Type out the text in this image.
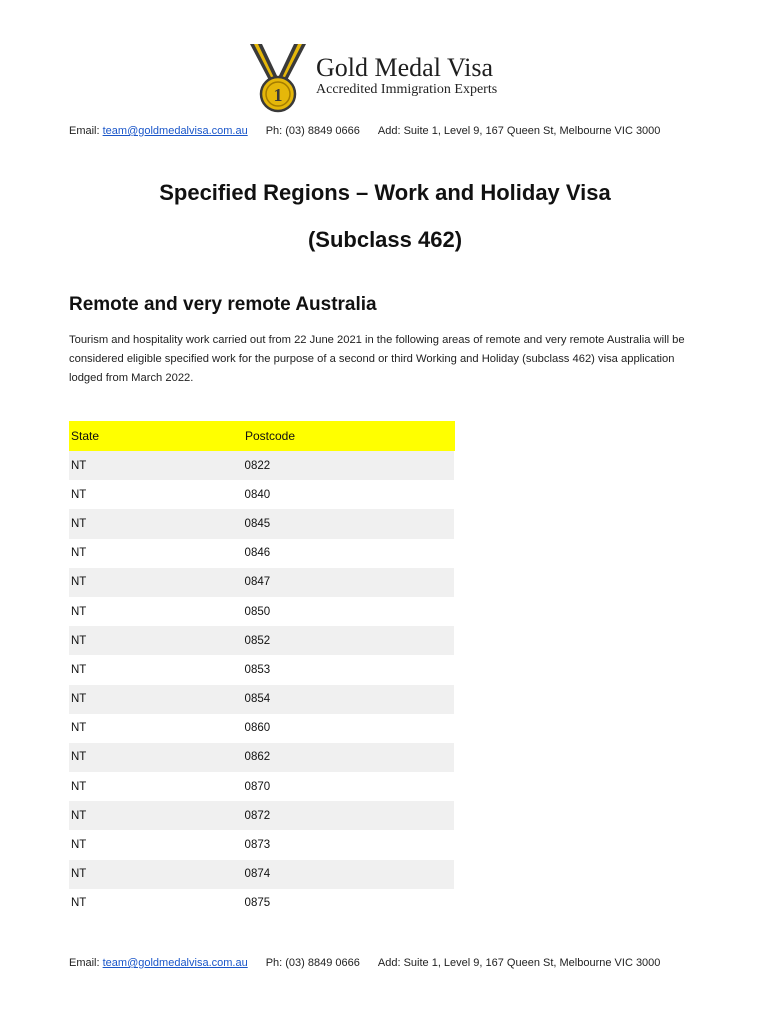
1
Gold Medal Visa
Accredited Immigration Experts
Email: team@goldmedalvisa.com.au Ph: (03) 8849 0666 Add: Suite 1, Level 9, 167 Queen St, Melbourne VIC 3000
Specified Regions – Work and Holiday Visa
(Subclass 462)
Remote and very remote Australia
Tourism and hospitality work carried out from 22 June 2021 in the following areas of remote and very remote Australia will be considered eligible specified work for the purpose of a second or third Working and Holiday (subclass 462) visa application lodged from March 2022.
State	Postcode
NT	0822
NT	0840
NT	0845
NT	0846
NT	0847
NT	0850
NT	0852
NT	0853
NT	0854
NT	0860
NT	0862
NT	0870
NT	0872
NT	0873
NT	0874
NT	0875
Email: team@goldmedalvisa.com.au Ph: (03) 8849 0666 Add: Suite 1, Level 9, 167 Queen St, Melbourne VIC 3000
